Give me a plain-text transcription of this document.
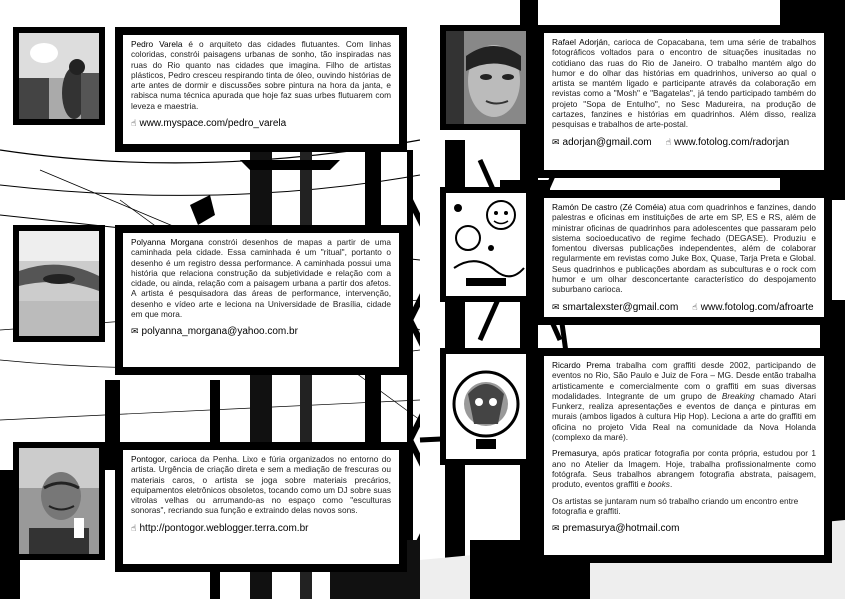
Pedro Varela é o arquiteto das cidades flutuantes. Com linhas coloridas, constrói paisagens urbanas de sonho, tão inspiradas nas ruas do Rio quanto nas cidades que imagina. Filho de artistas plásticos, Pedro cresceu respirando tinta de óleo, ouvindo histórias de arte antes de dormir e discussões sobre pintura na hora da janta, e rabisca numa técnica apurada que hoje faz suas urbes flutuarem com leveza e maestria.
☝ www.myspace.com/pedro_varela
Polyanna Morgana constrói desenhos de mapas a partir de uma caminhada pela cidade. Essa caminhada é um "ritual", portanto o desenho é um registro dessa performance. A caminhada possui uma história que relaciona construção da subjetividade e relação com a cidade, ou ainda, relação com a paisagem urbana a partir dos afetos. A artista é pesquisadora das áreas de performance, intervenção, desenho e vídeo arte e leciona na Universidade de Brasília, cidade em que mora.
✉ polyanna_morgana@yahoo.com.br
Pontogor, carioca da Penha. Lixo e fúria organizados no entorno do artista. Urgência de criação direta e sem a mediação de frescuras ou materiais caros, o artista se joga sobre materiais precários, equipamentos eletrônicos obsoletos, tocando como um DJ sobre suas vitrolas velhas ou arrumando-as no espaço como "esculturas sonoras", recriando sua função e extraindo delas novos sons.
☝ http://pontogor.weblogger.terra.com.br
Rafael Adorján, carioca de Copacabana, tem uma série de trabalhos fotográficos voltados para o encontro de situações inusitadas no cotidiano das ruas do Rio de Janeiro. O trabalho mantém algo do humor e do olhar das histórias em quadrinhos, universo ao qual o artista se mantém ligado e participante através da colaboração em revistas como a "Mosh" e "Bagatelas", já tendo participado também do projeto "Sopa de Entulho", no Sesc Madureira, na produção de cartazes, fanzines e histórias em quadrinhos. Além disso, realiza pesquisas e trabalhos de arte-postal.
✉ adorjan@gmail.com ☝ www.fotolog.com/radorjan
Ramón De castro (Zé Coméia) atua com quadrinhos e fanzines, dando palestras e oficinas em instituições de arte em SP, ES e RS, além de ministrar oficinas de quadrinhos para adolescentes que passaram pelo sistema socioeducativo de regime fechado (DEGASE). Produziu e fomentou diversas publicações independentes, além de colaborar regularmente em revistas como Juke Box, Quase, Tarja Preta e Global. Seus quadrinhos e publicações abordam as subculturas e o rock com humor e um olhar desconcertante característico do despojamento suburbano carioca.
✉ smartalexster@gmail.com ☝ www.fotolog.com/afroarte

Ricardo Prema trabalha com graffiti desde 2002, participando de eventos no Rio, São Paulo e Juiz de Fora – MG. Desde então trabalha artisticamente e comercialmente com o graffiti em suas diversas modalidades. Integrante de um grupo de Breaking chamado Atari Funkerz, realiza apresentações e eventos de dança e pinturas em murais (ambos ligados à cultura Hip Hop). Leciona a arte do graffiti em oficina no projeto Vida Real na comunidade da Nova Holanda (complexo da maré).

Premasurya, após praticar fotografia por conta própria, estudou por 1 ano no Atelier da Imagem. Hoje, trabalha profissionalmente como fotógrafa. Seus trabalhos abrangem fotografia abstrata, paisagem, produto, eventos graffiti e books.

Os artistas se juntaram num só trabalho criando um encontro entre fotografia e graffiti.

✉ premasurya@hotmail.com
